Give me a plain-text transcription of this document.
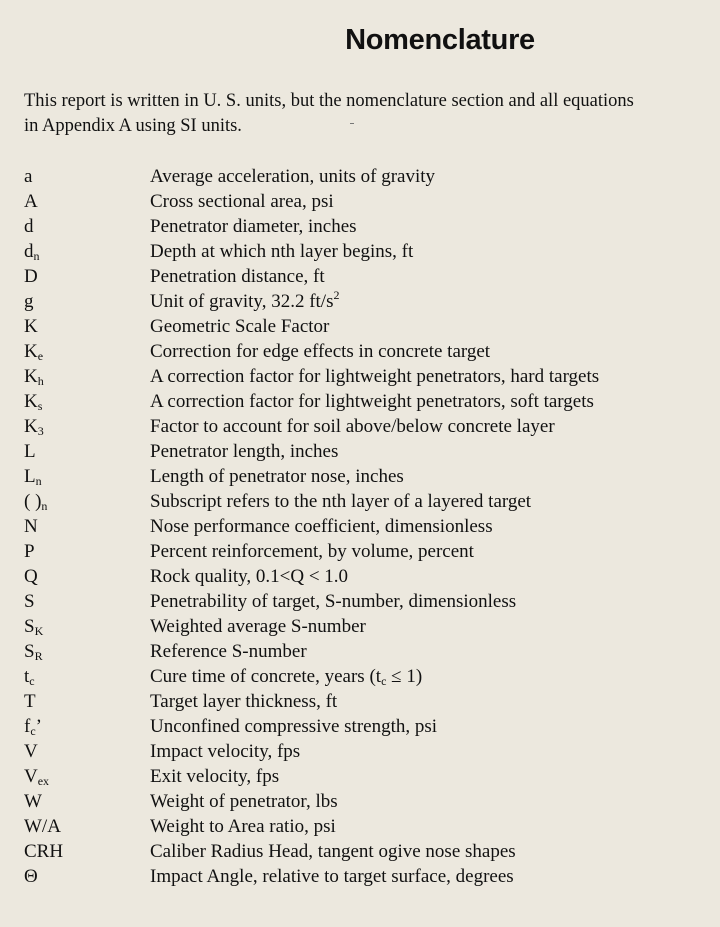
Nomenclature
This report is written in U. S. units, but the nomenclature section and all equations
in Appendix A using SI units.
a	Average acceleration, units of gravity
A	Cross sectional area, psi
d	Penetrator diameter, inches
$d_n$	Depth at which nth layer begins, ft
D	Penetration distance, ft
g	Unit of gravity, 32.2 $ft/s^2$
K	Geometric Scale Factor
$K_e$	Correction for edge effects in concrete target
$K_h$	A correction factor for lightweight penetrators, hard targets
$K_s$	A correction factor for lightweight penetrators, soft targets
$K_3$	Factor to account for soil above/below concrete layer
L	Penetrator length, inches
$L_n$	Length of penetrator nose, inches
( )$_n$	Subscript refers to the nth layer of a layered target
N	Nose performance coefficient, dimensionless
P	Percent reinforcement, by volume, percent
Q	Rock quality, 0.1<Q < 1.0
S	Penetrability of target, S-number, dimensionless
$S_K$	Weighted average S-number
$S_R$	Reference S-number
$t_c$	Cure time of concrete, years $(t_c \le 1)$
T	Target layer thickness, ft
$f_c$’	Unconfined compressive strength, psi
V	Impact velocity, fps
$V_{ex}$	Exit velocity, fps
W	Weight of penetrator, lbs
W/A	Weight to Area ratio, psi
CRH	Caliber Radius Head, tangent ogive nose shapes
Θ	Impact Angle, relative to target surface, degrees
